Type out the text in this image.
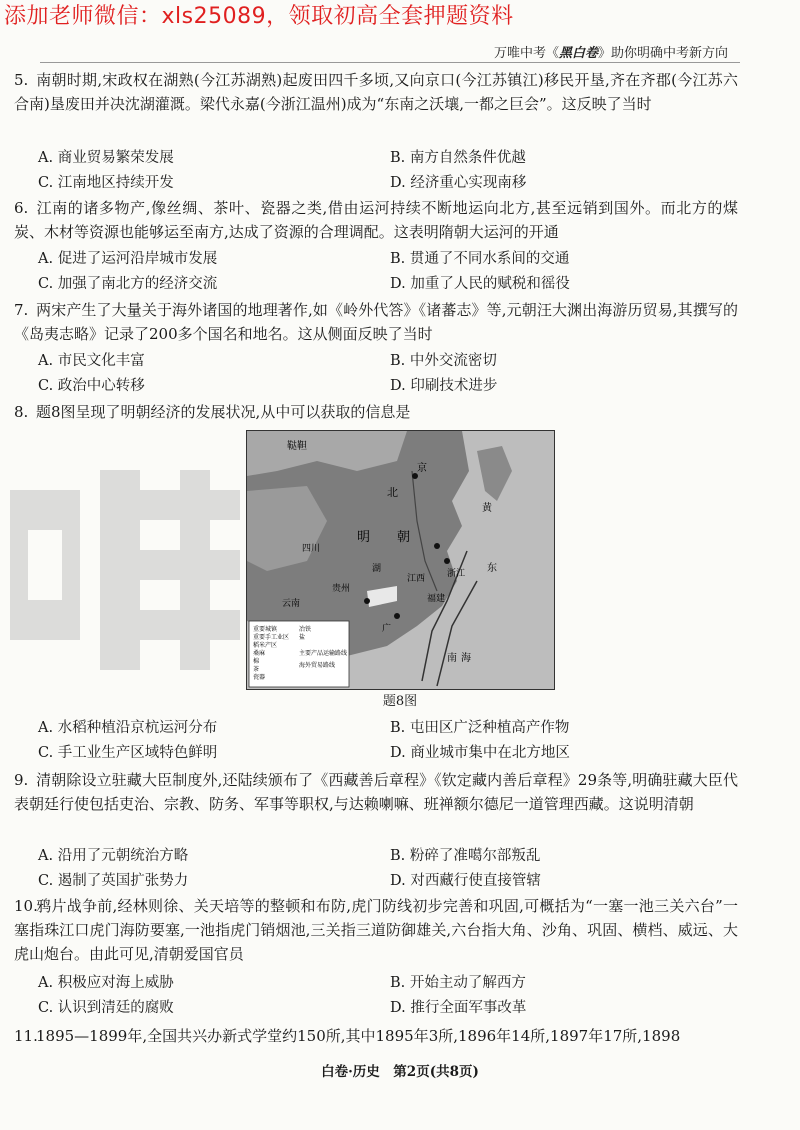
添加老师微信：xls25089，领取初高全套押题资料
万唯中考《黑白卷》助你明确中考新方向
5. 南朝时期,宋政权在湖熟(今江苏湖熟)起废田四千多顷,又向京口(今江苏镇江)移民开垦,齐在齐郡(今江苏六合南)垦废田并决沈湖灌溉。梁代永嘉(今浙江温州)成为“东南之沃壤,一都之巨会”。这反映了当时
A. 商业贸易繁荣发展	B. 南方自然条件优越
C. 江南地区持续开发	D. 经济重心实现南移
6. 江南的诸多物产,像丝绸、茶叶、瓷器之类,借由运河持续不断地运向北方,甚至远销到国外。而北方的煤炭、木材等资源也能够运至南方,达成了资源的合理调配。这表明隋朝大运河的开通
A. 促进了运河沿岸城市发展	B. 贯通了不同水系间的交通
C. 加强了南北方的经济交流	D. 加重了人民的赋税和徭役
7. 两宋产生了大量关于海外诸国的地理著作,如《岭外代答》《诸蕃志》等,元朝汪大渊出海游历贸易,其撰写的《岛夷志略》记录了200多个国名和地名。这从侧面反映了当时
A. 市民文化丰富	B. 中外交流密切
C. 政治中心转移	D. 印刷技术进步
8. 题8图呈现了明朝经济的发展状况,从中可以获取的信息是
京
鞑靼
北
明 朝
黄
东
南 海
四川
贵州
云南
广
福建
浙江
江西
湖
重要城镇
重要手工业区
稻米产区
桑麻
棉
茶
瓷器
冶铁
盐
主要产品运输路线
海外贸易路线
题8图
A. 水稻种植沿京杭运河分布	B. 屯田区广泛种植高产作物
C. 手工业生产区域特色鲜明	D. 商业城市集中在北方地区
9. 清朝除设立驻藏大臣制度外,还陆续颁布了《西藏善后章程》《钦定藏内善后章程》29条等,明确驻藏大臣代表朝廷行使包括吏治、宗教、防务、军事等职权,与达赖喇嘛、班禅额尔德尼一道管理西藏。这说明清朝
A. 沿用了元朝统治方略	B. 粉碎了准噶尔部叛乱
C. 遏制了英国扩张势力	D. 对西藏行使直接管辖
10.鸦片战争前,经林则徐、关天培等的整顿和布防,虎门防线初步完善和巩固,可概括为“一塞一池三关六台”一塞指珠江口虎门海防要塞,一池指虎门销烟池,三关指三道防御雄关,六台指大角、沙角、巩固、横档、威远、大虎山炮台。由此可见,清朝爱国官员
A. 积极应对海上威胁	B. 开始主动了解西方
C. 认识到清廷的腐败	D. 推行全面军事改革
11.1895—1899年,全国共兴办新式学堂约150所,其中1895年3所,1896年14所,1897年17所,1898
白卷·历史　第2页(共8页)
